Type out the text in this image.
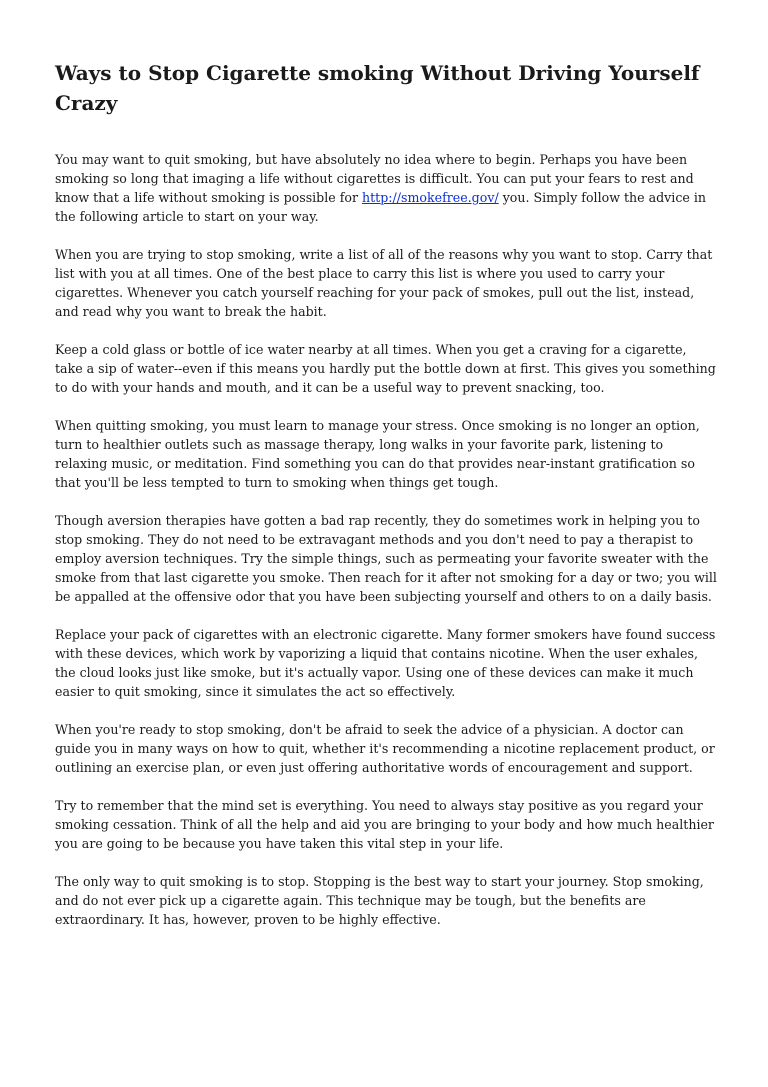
Ways to Stop Cigarette smoking Without Driving Yourself Crazy

You may want to quit smoking, but have absolutely no idea where to begin. Perhaps you have been smoking so long that imaging a life without cigarettes is difficult. You can put your fears to rest and know that a life without smoking is possible for http://smokefree.gov/ you. Simply follow the advice in the following article to start on your way.

When you are trying to stop smoking, write a list of all of the reasons why you want to stop. Carry that list with you at all times. One of the best place to carry this list is where you used to carry your cigarettes. Whenever you catch yourself reaching for your pack of smokes, pull out the list, instead, and read why you want to break the habit.

Keep a cold glass or bottle of ice water nearby at all times. When you get a craving for a cigarette, take a sip of water--even if this means you hardly put the bottle down at first. This gives you something to do with your hands and mouth, and it can be a useful way to prevent snacking, too.

When quitting smoking, you must learn to manage your stress. Once smoking is no longer an option, turn to healthier outlets such as massage therapy, long walks in your favorite park, listening to relaxing music, or meditation. Find something you can do that provides near-instant gratification so that you'll be less tempted to turn to smoking when things get tough.

Though aversion therapies have gotten a bad rap recently, they do sometimes work in helping you to stop smoking. They do not need to be extravagant methods and you don't need to pay a therapist to employ aversion techniques. Try the simple things, such as permeating your favorite sweater with the smoke from that last cigarette you smoke. Then reach for it after not smoking for a day or two; you will be appalled at the offensive odor that you have been subjecting yourself and others to on a daily basis.

Replace your pack of cigarettes with an electronic cigarette. Many former smokers have found success with these devices, which work by vaporizing a liquid that contains nicotine. When the user exhales, the cloud looks just like smoke, but it's actually vapor. Using one of these devices can make it much easier to quit smoking, since it simulates the act so effectively.

When you're ready to stop smoking, don't be afraid to seek the advice of a physician. A doctor can guide you in many ways on how to quit, whether it's recommending a nicotine replacement product, or outlining an exercise plan, or even just offering authoritative words of encouragement and support.

Try to remember that the mind set is everything. You need to always stay positive as you regard your smoking cessation. Think of all the help and aid you are bringing to your body and how much healthier you are going to be because you have taken this vital step in your life.

The only way to quit smoking is to stop. Stopping is the best way to start your journey. Stop smoking, and do not ever pick up a cigarette again. This technique may be tough, but the benefits are extraordinary. It has, however, proven to be highly effective.
